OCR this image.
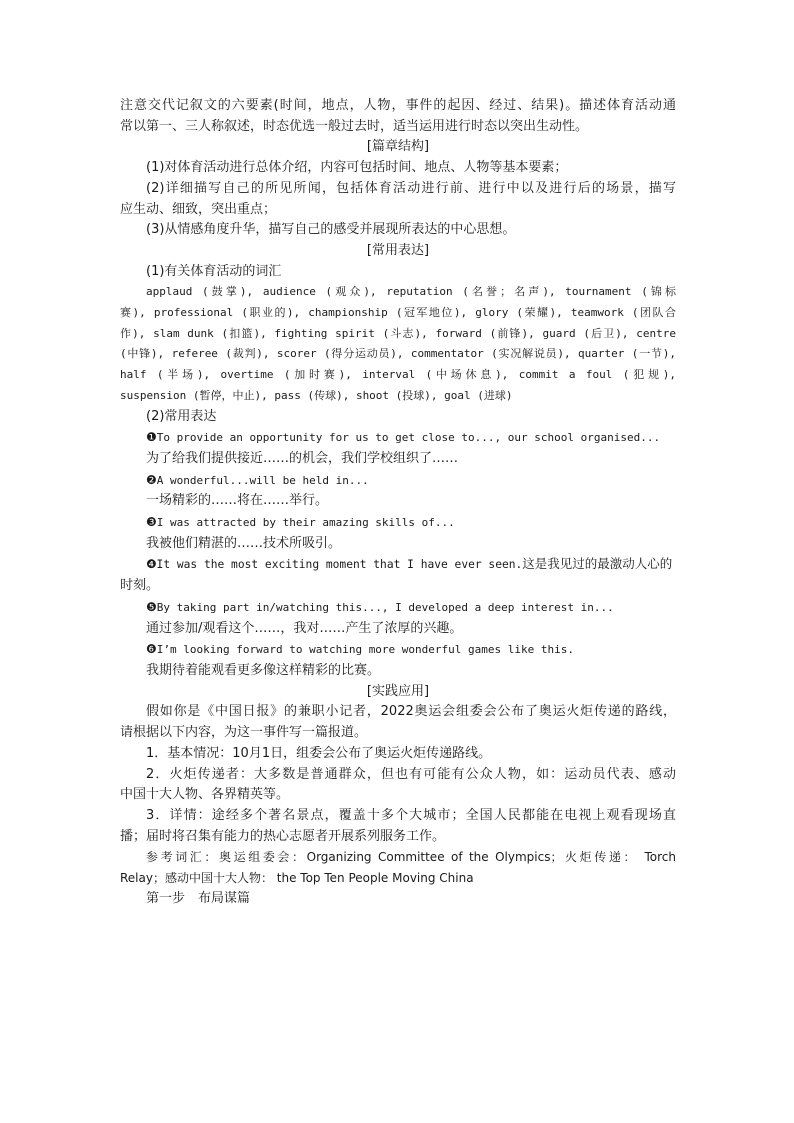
注意交代记叙文的六要素(时间，地点，人物，事件的起因、经过、结果)。描述体育活动通
常以第一、三人称叙述，时态优选一般过去时，适当运用进行时态以突出生动性。
[篇章结构]
(1)对体育活动进行总体介绍，内容可包括时间、地点、人物等基本要素；
(2)详细描写自己的所见所闻，包括体育活动进行前、进行中以及进行后的场景，描写
应生动、细致，突出重点；
(3)从情感角度升华，描写自己的感受并展现所表达的中心思想。
[常用表达]
(1)有关体育活动的词汇
applaud (鼓掌), audience (观众), reputation (名誉；名声), tournament (锦标
赛), professional (职业的), championship (冠军地位), glory (荣耀), teamwork (团队合
作), slam dunk (扣篮), fighting spirit (斗志), forward (前锋), guard (后卫), centre
(中锋), referee (裁判), scorer (得分运动员), commentator (实况解说员), quarter (一节),
half (半场), overtime (加时赛), interval (中场休息), commit a foul (犯规),
suspension (暂停，中止), pass (传球), shoot (投球), goal (进球)
(2)常用表达
❶To provide an opportunity for us to get close to..., our school organised...
为了给我们提供接近……的机会，我们学校组织了……
❷A wonderful...will be held in...
一场精彩的……将在……举行。
❸I was attracted by their amazing skills of...
我被他们精湛的……技术所吸引。
❹It was the most exciting moment that I have ever seen.这是我见过的最激动人心的
时刻。
❺By taking part in/watching this..., I developed a deep interest in...
通过参加/观看这个……，我对……产生了浓厚的兴趣。
❻I’m looking forward to watching more wonderful games like this.
我期待着能观看更多像这样精彩的比赛。
[实践应用]
假如你是《中国日报》的兼职小记者，2022奥运会组委会公布了奥运火炬传递的路线，
请根据以下内容，为这一事件写一篇报道。
1．基本情况：10月1日，组委会公布了奥运火炬传递路线。
2．火炬传递者：大多数是普通群众，但也有可能有公众人物，如：运动员代表、感动
中国十大人物、各界精英等。
3．详情：途经多个著名景点，覆盖十多个大城市；全国人民都能在电视上观看现场直
播；届时将召集有能力的热心志愿者开展系列服务工作。
参考词汇：奥运组委会：Organizing Committee of the Olympics；火炬传递： Torch
Relay；感动中国十大人物： the Top Ten People Moving China
第一步　布局谋篇
